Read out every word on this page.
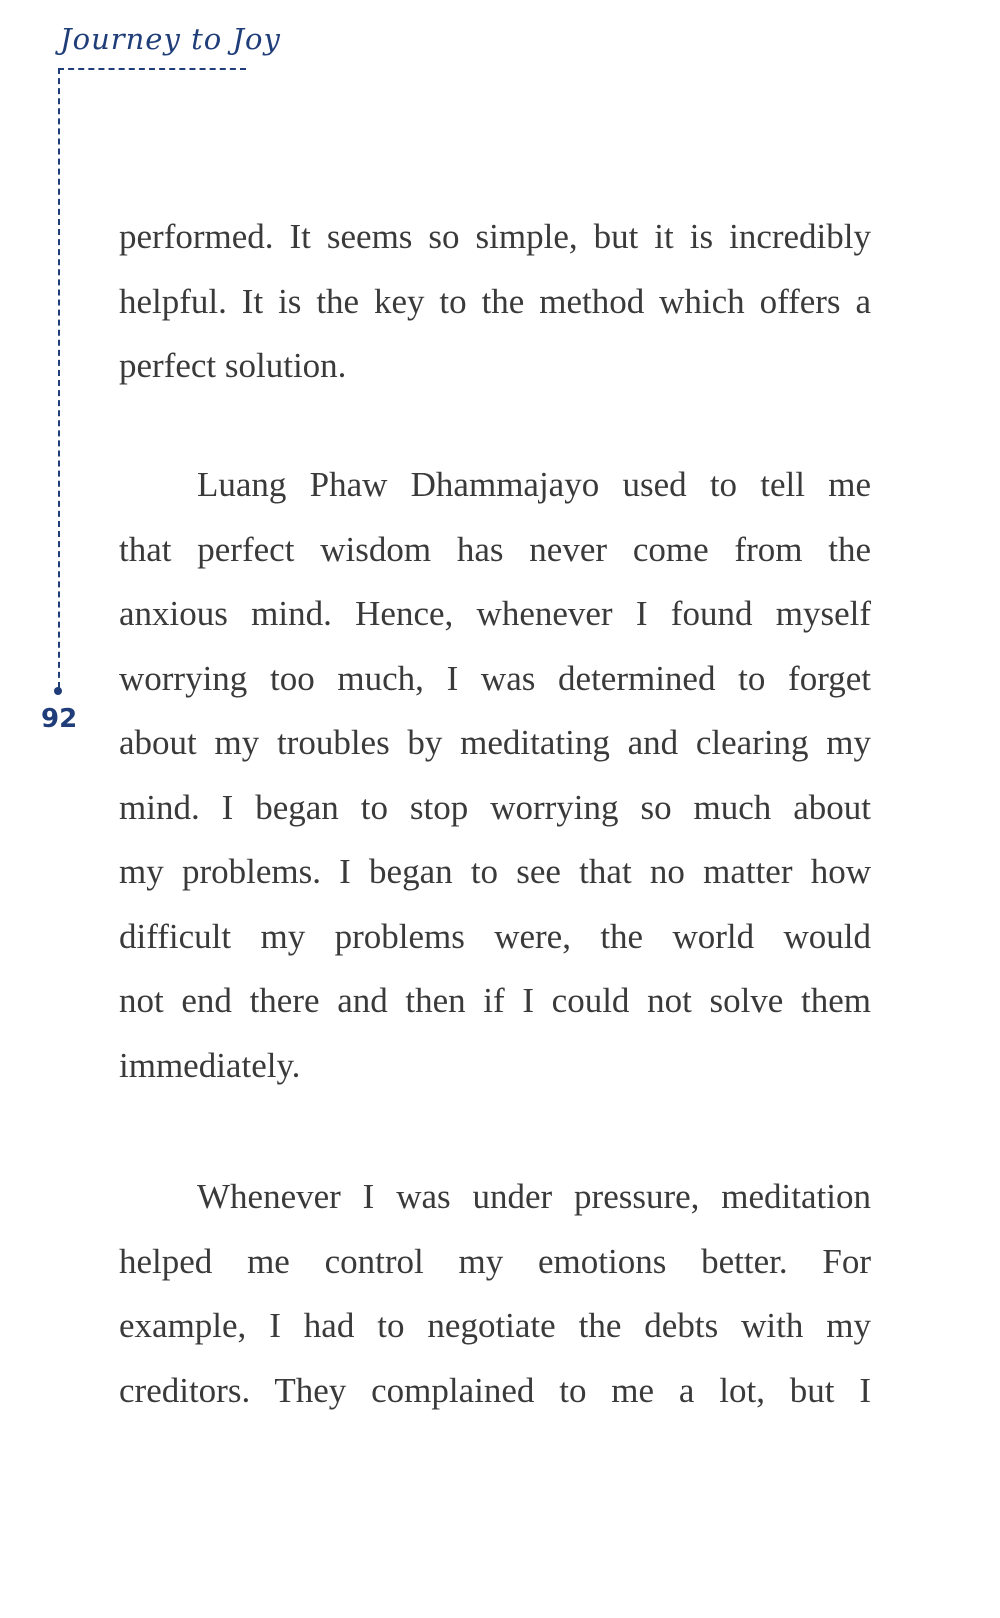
Journey to Joy
92
performed. It seems so simple, but it is incredibly
helpful. It is the key to the method which offers a
perfect solution.
Luang Phaw Dhammajayo used to tell me
that perfect wisdom has never come from the
anxious mind. Hence, whenever I found myself
worrying too much, I was determined to forget
about my troubles by meditating and clearing my
mind. I began to stop worrying so much about
my problems. I began to see that no matter how
difficult my problems were, the world would
not end there and then if I could not solve them
immediately.
Whenever I was under pressure, meditation
helped me control my emotions better. For
example, I had to negotiate the debts with my
creditors. They complained to me a lot, but I
